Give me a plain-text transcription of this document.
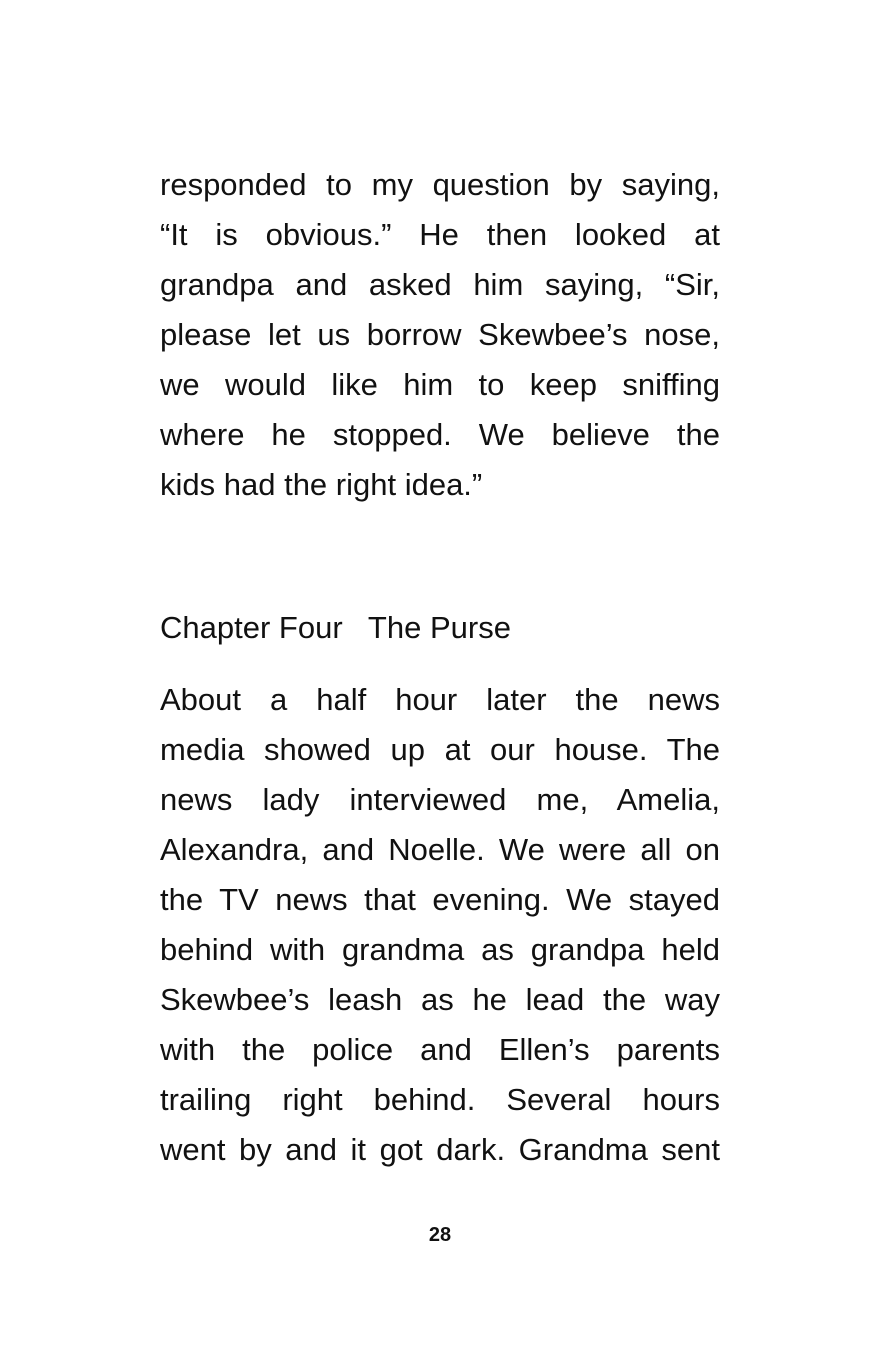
responded to my question by saying,
“It is obvious.” He then looked at
grandpa and asked him saying, “Sir,
please let us borrow Skewbee’s nose,
we would like him to keep sniffing
where he stopped. We believe the
kids had the right idea.”
Chapter Four   The Purse
About a half hour later the news
media showed up at our house. The
news lady interviewed me, Amelia,
Alexandra, and Noelle. We were all on
the TV news that evening. We stayed
behind with grandma as grandpa held
Skewbee’s leash as he lead the way
with the police and Ellen’s parents
trailing right behind. Several hours
went by and it got dark. Grandma sent
28
